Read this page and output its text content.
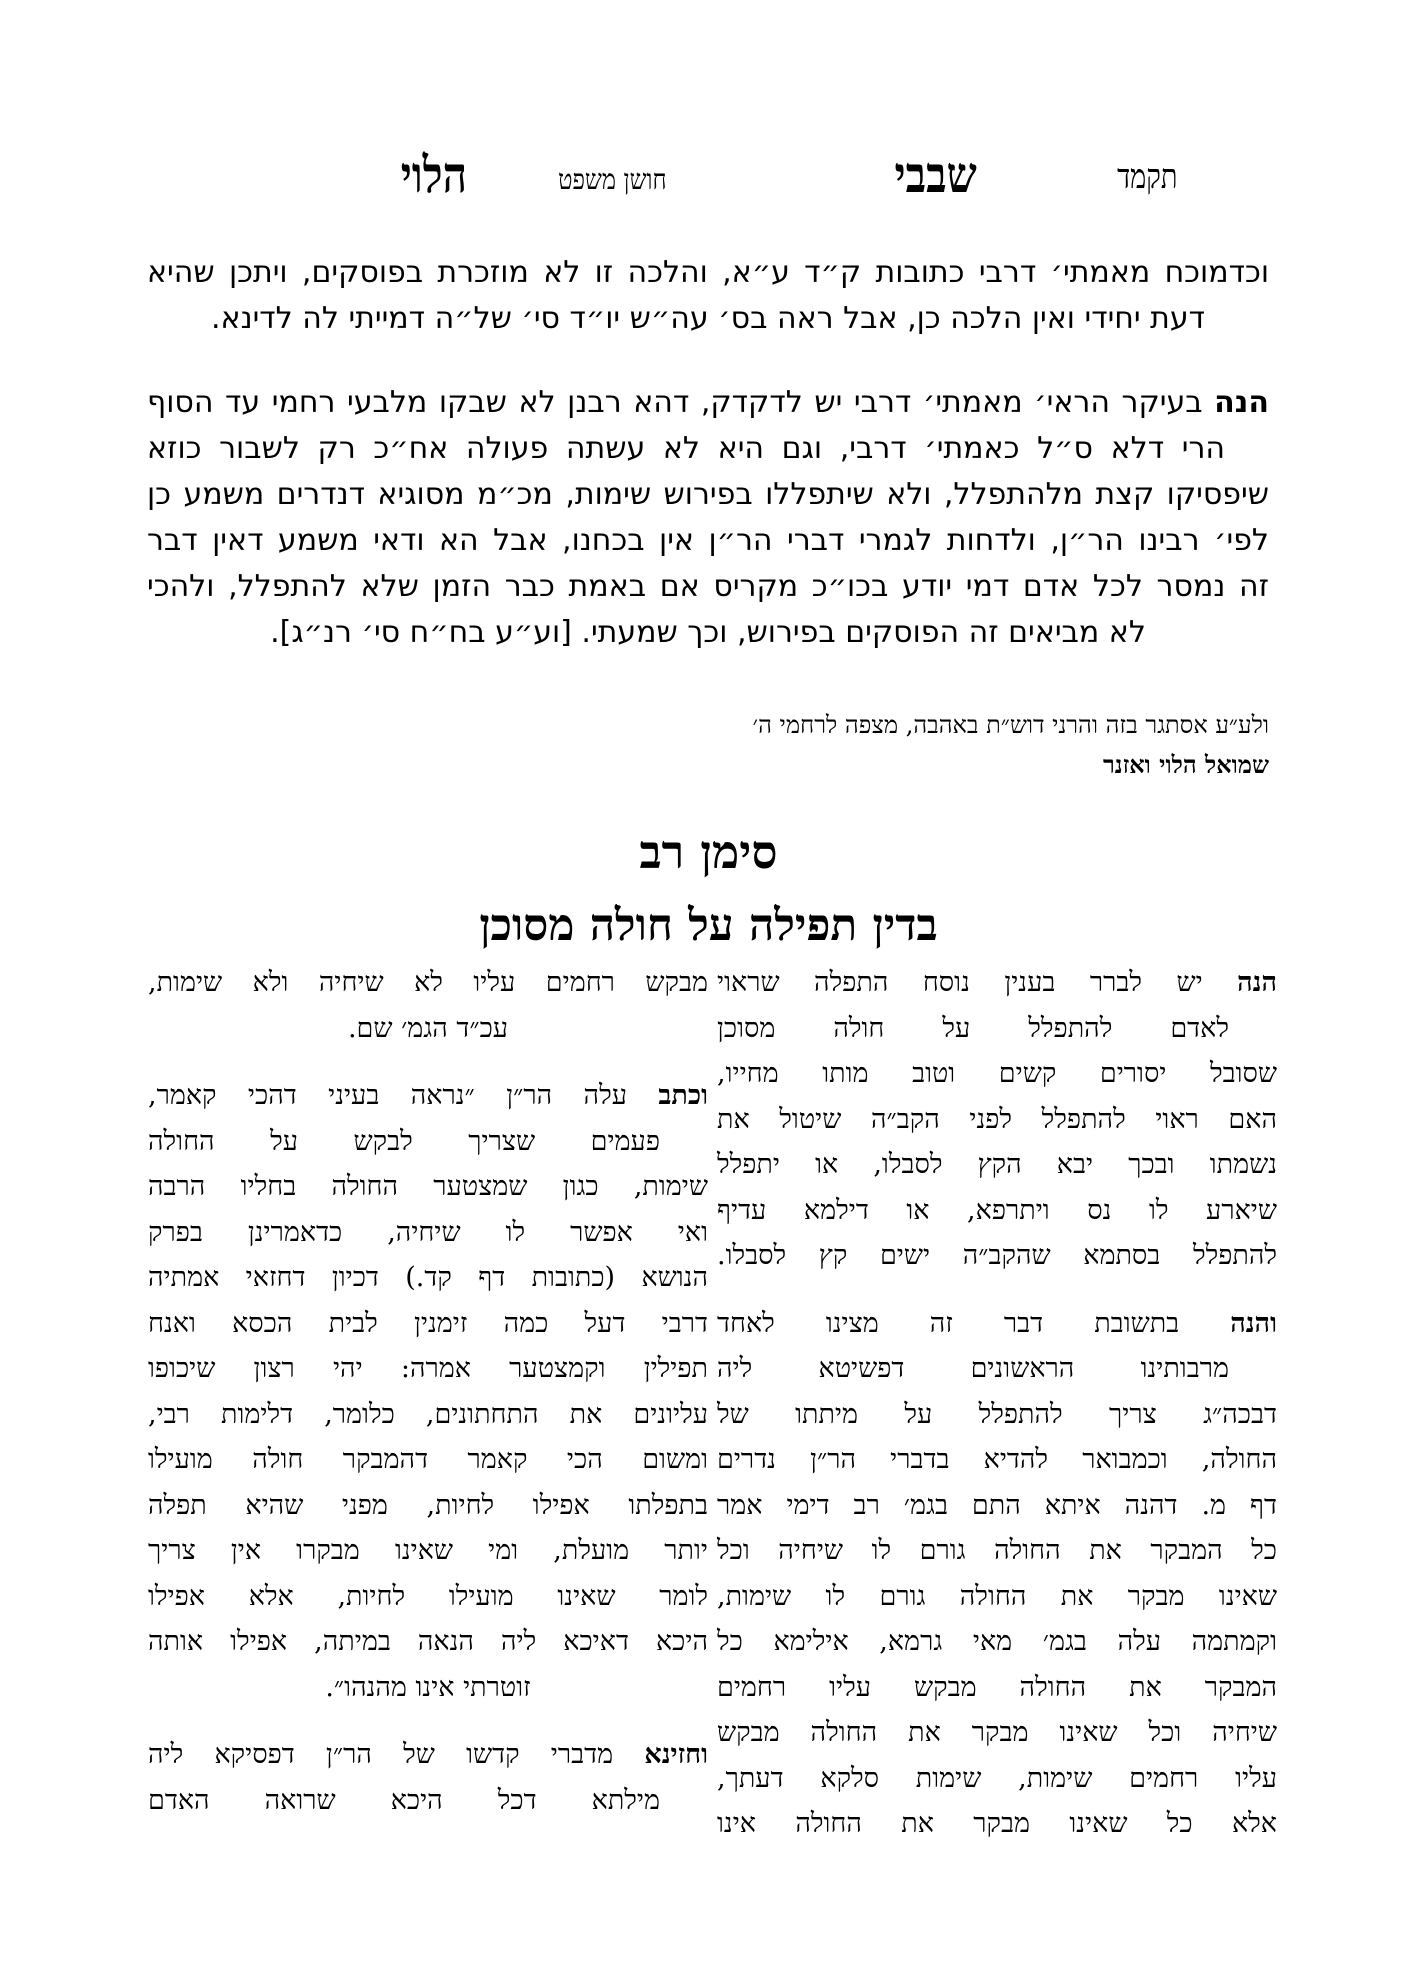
תקמד
שבבי
חושן משפט
הלוי
וכדמוכח מאמתי׳ דרבי כתובות ק״ד ע״א, והלכה זו לא מוזכרת בפוסקים, ויתכן שהיא
דעת יחידי ואין הלכה כן, אבל ראה בס׳ עה״ש יו״ד סי׳ של״ה דמייתי לה לדינא.
הנה בעיקר הראי׳ מאמתי׳ דרבי יש לדקדק, דהא רבנן לא שבקו מלבעי רחמי עד הסוף
הרי דלא ס״ל כאמתי׳ דרבי, וגם היא לא עשתה פעולה אח״כ רק לשבור כוזא
שיפסיקו קצת מלהתפלל, ולא שיתפללו בפירוש שימות, מכ״מ מסוגיא דנדרים משמע כן
לפי׳ רבינו הר״ן, ולדחות לגמרי דברי הר״ן אין בכחנו, אבל הא ודאי משמע דאין דבר
זה נמסר לכל אדם דמי יודע בכו״כ מקריס אם באמת כבר הזמן שלא להתפלל, ולהכי
לא מביאים זה הפוסקים בפירוש, וכך שמעתי. [וע״ע בח״ח סי׳ רנ״ג].
ולע״ע אסתגר בזה והרני דוש״ת באהבה, מצפה לרחמי ה׳
שמואל הלוי ואזנר
סימן רב
בדין תפילה על חולה מסוכן
הנה יש לברר בענין נוסח התפלה שראוי
לאדם להתפלל על חולה מסוכן
שסובל יסורים קשים וטוב מותו מחייו,
האם ראוי להתפלל לפני הקב״ה שיטול את
נשמתו ובכך יבא הקץ לסבלו, או יתפלל
שיארע לו נס ויתרפא, או דילמא עדיף
להתפלל בסתמא שהקב״ה ישים קץ לסבלו.
והנה בתשובת דבר זה מצינו לאחד
מרבותינו הראשונים דפשיטא ליה
דבכה״ג צריך להתפלל על מיתתו של
החולה, וכמבואר להדיא בדברי הר״ן נדרים
דף מ. דהנה איתא התם בגמ׳ רב דימי אמר
כל המבקר את החולה גורם לו שיחיה וכל
שאינו מבקר את החולה גורם לו שימות,
וקמתמה עלה בגמ׳ מאי גרמא, אילימא כל
המבקר את החולה מבקש עליו רחמים
שיחיה וכל שאינו מבקר את החולה מבקש
עליו רחמים שימות, שימות סלקא דעתך,
אלא כל שאינו מבקר את החולה אינו
מבקש רחמים עליו לא שיחיה ולא שימות,
עכ״ד הגמ׳ שם.
וכתב עלה הר״ן ״נראה בעיני דהכי קאמר,
פעמים שצריך לבקש על החולה
שימות, כגון שמצטער החולה בחליו הרבה
ואי אפשר לו שיחיה, כדאמרינן בפרק
הנושא (כתובות דף קד.) דכיון דחזאי אמתיה
דרבי דעל כמה זימנין לבית הכסא ואנח
תפילין וקמצטער אמרה: יהי רצון שיכופו
עליונים את התחתונים, כלומר, דלימות רבי,
ומשום הכי קאמר דהמבקר חולה מועילו
בתפלתו אפילו לחיות, מפני שהיא תפלה
יותר מועלת, ומי שאינו מבקרו אין צריך
לומר שאינו מועילו לחיות, אלא אפילו
היכא דאיכא ליה הנאה במיתה, אפילו אותה
זוטרתי אינו מהנהו״.
וחזינא מדברי קדשו של הר״ן דפסיקא ליה
מילתא דכל היכא שרואה האדם
